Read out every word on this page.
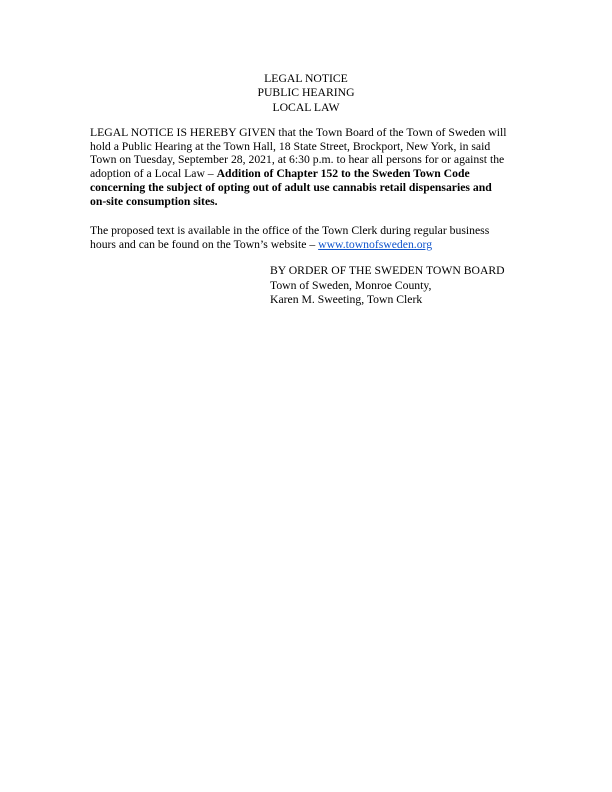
LEGAL NOTICE
PUBLIC HEARING
LOCAL LAW
LEGAL NOTICE IS HEREBY GIVEN that the Town Board of the Town of Sweden will
hold a Public Hearing at the Town Hall, 18 State Street, Brockport, New York, in said
Town on Tuesday, September 28, 2021, at 6:30 p.m. to hear all persons for or against the
adoption of a Local Law – Addition of Chapter 152 to the Sweden Town Code
concerning the subject of opting out of adult use cannabis retail dispensaries and
on-site consumption sites.
The proposed text is available in the office of the Town Clerk during regular business
hours and can be found on the Town’s website – www.townofsweden.org
BY ORDER OF THE SWEDEN TOWN BOARD
Town of Sweden, Monroe County,
Karen M. Sweeting, Town Clerk
